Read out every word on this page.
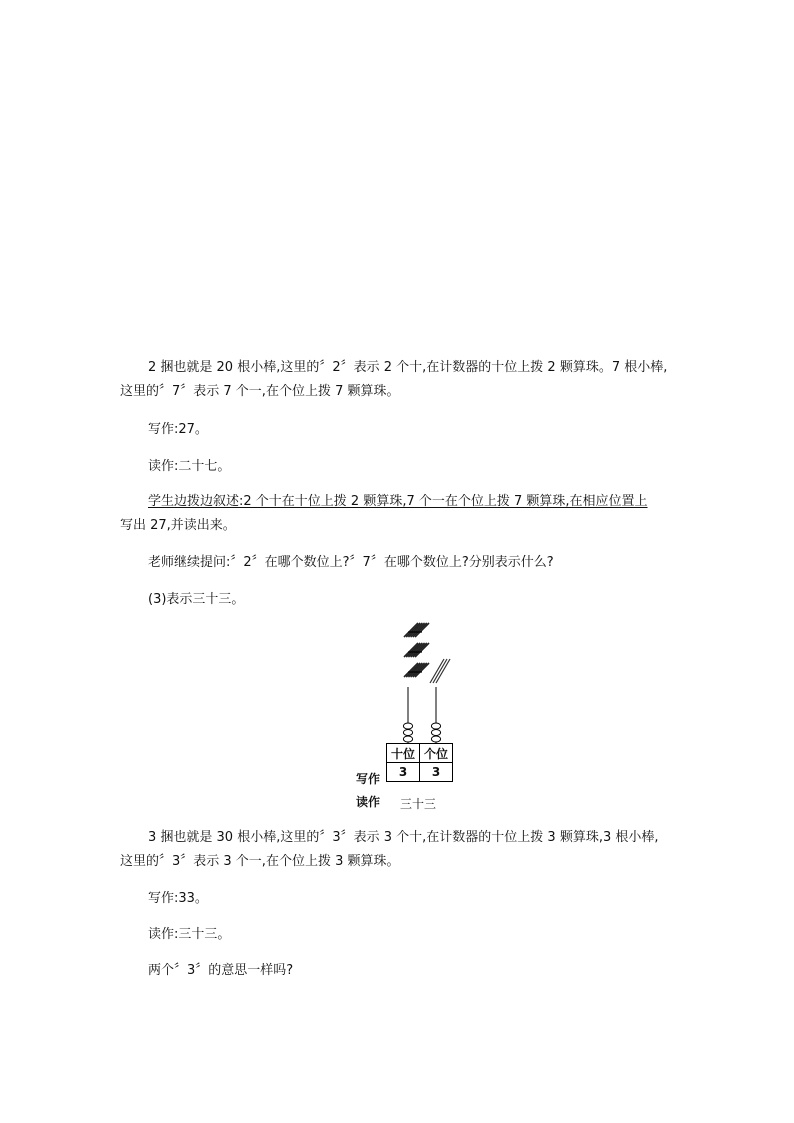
2 捆也就是 20 根小棒,这里的〞2〞表示 2 个十,在计数器的十位上拨 2 颗算珠。7 根小棒,
这里的〞7〞表示 7 个一,在个位上拨 7 颗算珠。

写作:27。

读作:二十七。

学生边拨边叙述:2 个十在十位上拨 2 颗算珠,7 个一在个位上拨 7 颗算珠,在相应位置上
写出 27,并读出来。

老师继续提问:〞2〞在哪个数位上?〞7〞在哪个数位上?分别表示什么?

(3)表示三十三。

十位	个位
3	3
写作
读作 三十三

3 捆也就是 30 根小棒,这里的〞3〞表示 3 个十,在计数器的十位上拨 3 颗算珠,3 根小棒,
这里的〞3〞表示 3 个一,在个位上拨 3 颗算珠。

写作:33。

读作:三十三。

两个〞3〞的意思一样吗?
